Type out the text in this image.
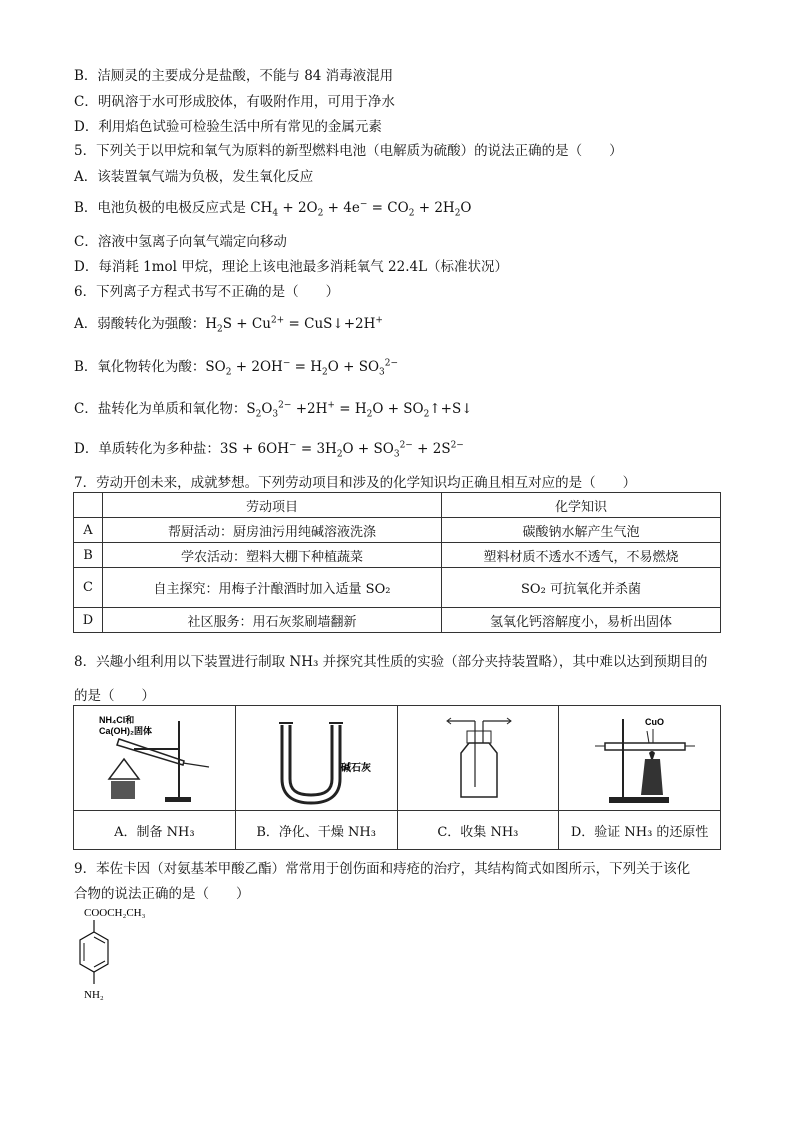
B．洁厕灵的主要成分是盐酸，不能与 84 消毒液混用
C．明矾溶于水可形成胶体，有吸附作用，可用于净水
D．利用焰色试验可检验生活中所有常见的金属元素
5．下列关于以甲烷和氧气为原料的新型燃料电池（电解质为硫酸）的说法正确的是（　　）
A．该装置氧气端为负极，发生氧化反应
B．电池负极的电极反应式是 $CH_4 + 2O_2 + 4e^- = CO_2 + 2H_2O$
C．溶液中氢离子向氧气端定向移动
D．每消耗 1mol 甲烷，理论上该电池最多消耗氧气 22.4L（标准状况）
6．下列离子方程式书写不正确的是（　　）
A．弱酸转化为强酸：$H_2S + Cu^{2+}$ = CuS↓+2H+
B．氧化物转化为酸：$SO_2 + 2OH^- = H_2O + SO_3^{2-}$
C．盐转化为单质和氧化物：$S_2O_3^{2-} +2H^+ = H_2O$ + $SO_2↑+S↓$
D．单质转化为多种盐：$3S + 6OH^- = 3H_2O + SO_3^{2-} + 2S^{2-}$
7．劳动开创未来，成就梦想。下列劳动项目和涉及的化学知识均正确且相互对应的是（　　）
	劳动项目	化学知识
A	帮厨活动：厨房油污用纯碱溶液洗涤	碳酸钠水解产生气泡
B	学农活动：塑料大棚下种植蔬菜	塑料材质不透水不透气，不易燃烧
C	自主探究：用梅子汁酿酒时加入适量 SO₂	SO₂ 可抗氧化并杀菌
D	社区服务：用石灰浆刷墙翻新	氢氧化钙溶解度小，易析出固体
8．兴趣小组利用以下装置进行制取 NH₃ 并探究其性质的实验（部分夹持装置略），其中难以达到预期目的
的是（　　）
NH₄Cl和
Ca(OH)₂固体	碱石灰		CuO

A．制备 NH₃	B．净化、干燥 NH₃	C．收集 NH₃	D．验证 NH₃ 的还原性
9．苯佐卡因（对氨基苯甲酸乙酯）常常用于创伤面和痔疮的治疗，其结构简式如图所示，下列关于该化
合物的说法正确的是（　　）
COOCH₂CH₃
NH₂
